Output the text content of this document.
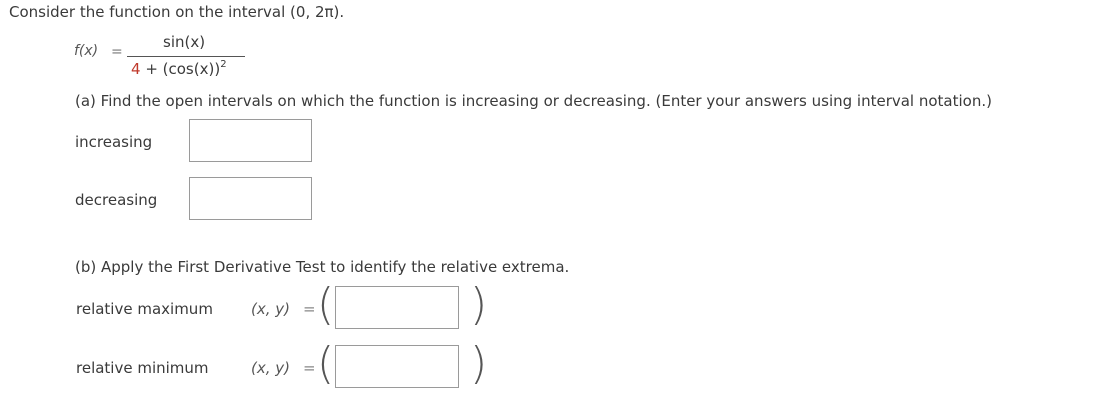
Consider the function on the interval (0, 2π).
f(x) =
sin(x)
$4 + (\cos(x))^2$
(a) Find the open intervals on which the function is increasing or decreasing. (Enter your answers using interval notation.)
increasing
decreasing
(b) Apply the First Derivative Test to identify the relative extrema.
relative maximum	(x, y) = (	)
relative minimum	(x, y) = (	)
